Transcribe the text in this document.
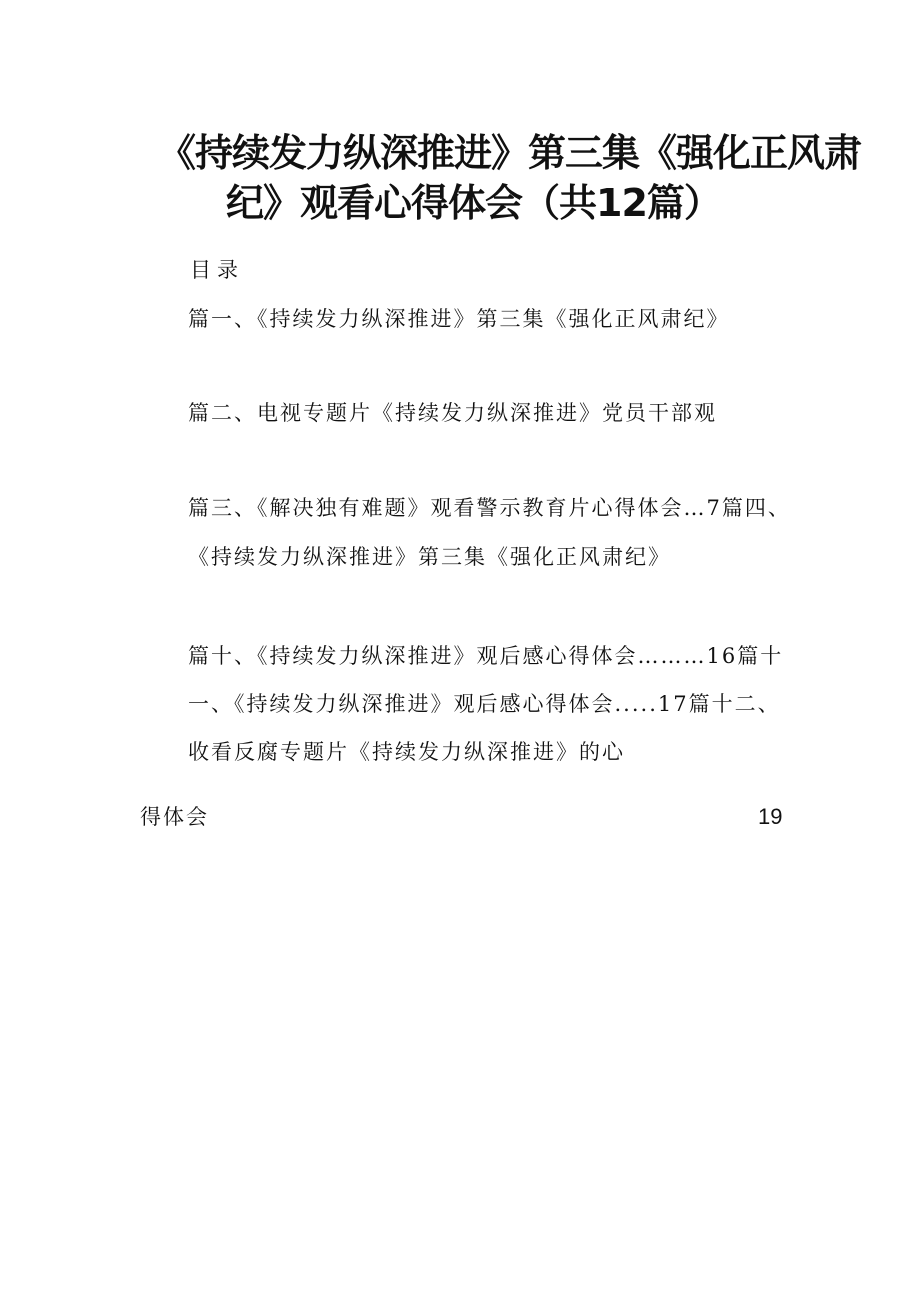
《持续发力纵深推进》第三集《强化正风肃
纪》观看心得体会（共12篇）
目录
篇一、《持续发力纵深推进》第三集《强化正风肃纪》
篇二、电视专题片《持续发力纵深推进》党员干部观
篇三、《解决独有难题》观看警示教育片心得体会…7篇四、
《持续发力纵深推进》第三集《强化正风肃纪》
篇十、《持续发力纵深推进》观后感心得体会………16篇十
一、《持续发力纵深推进》观后感心得体会.....17篇十二、
收看反腐专题片《持续发力纵深推进》的心
得体会	19
